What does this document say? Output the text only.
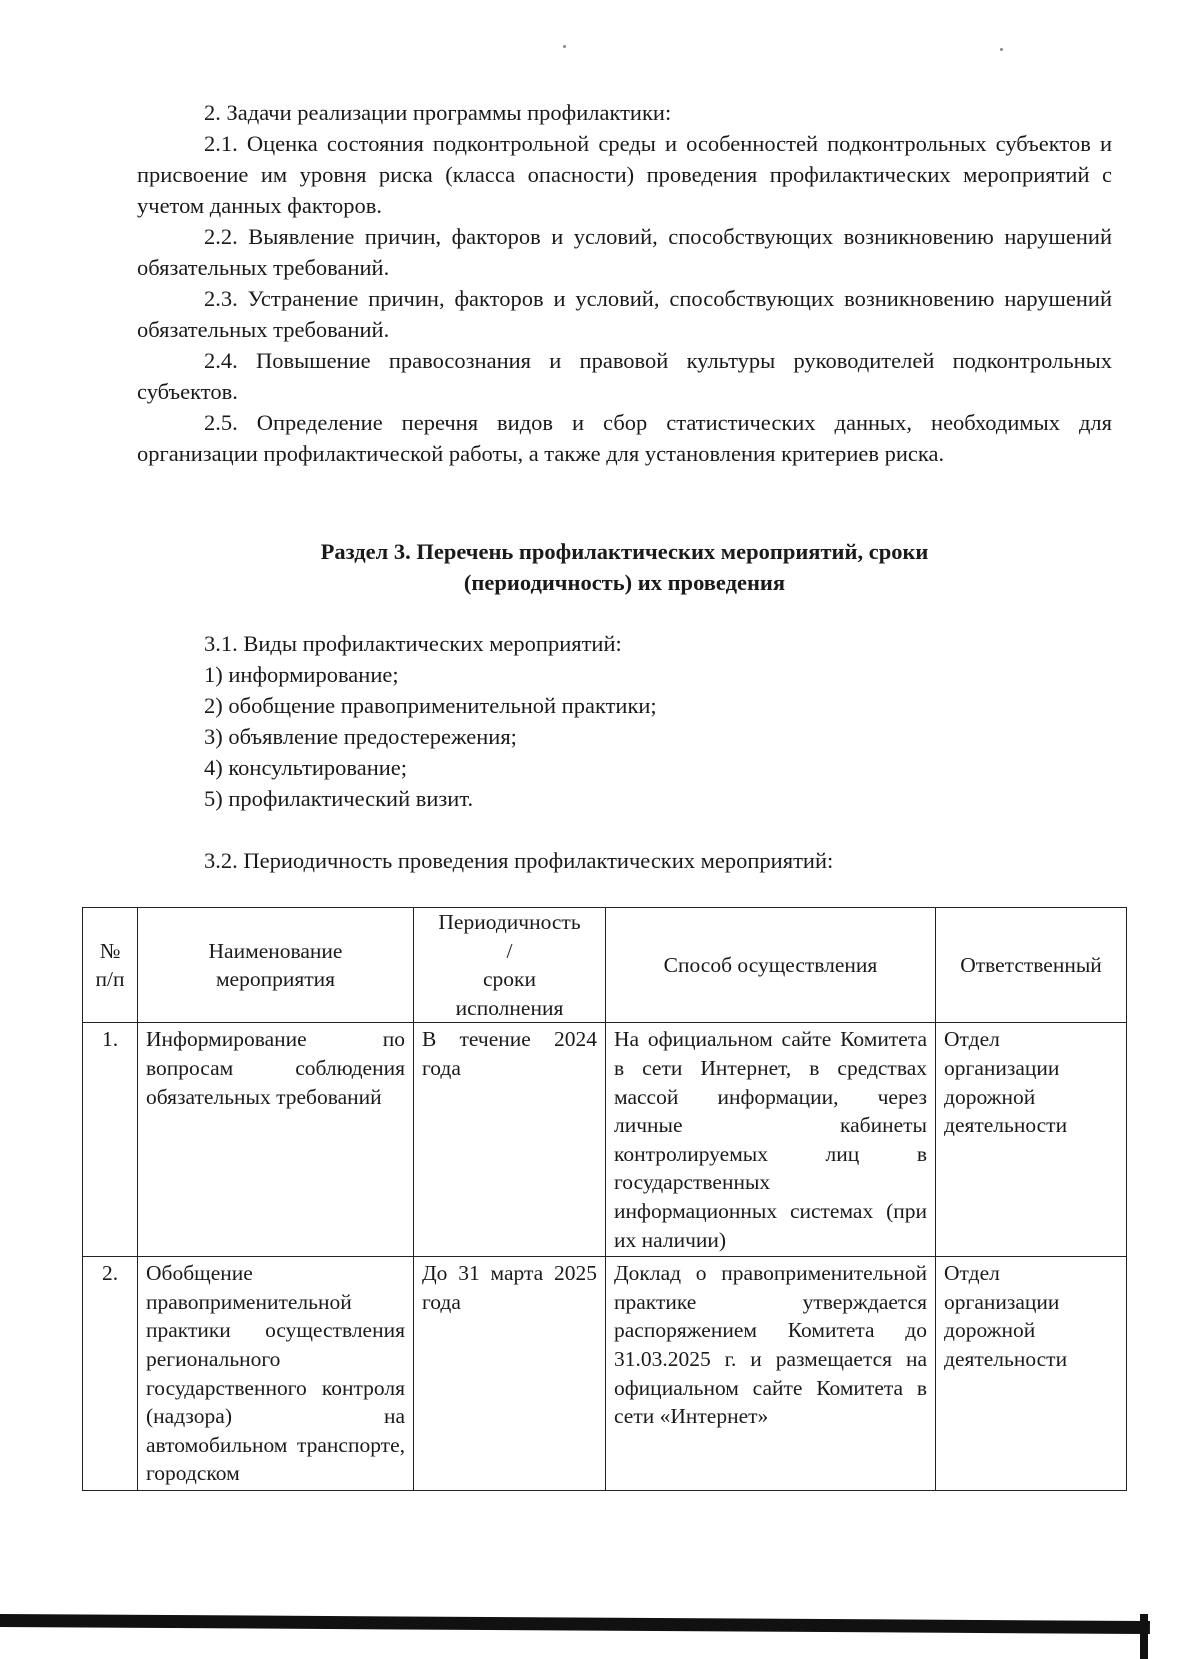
2. Задачи реализации программы профилактики:

2.1. Оценка состояния подконтрольной среды и особенностей подконтрольных субъектов и присвоение им уровня риска (класса опасности) проведения профилактических мероприятий с учетом данных факторов.

2.2. Выявление причин, факторов и условий, способствующих возникновению нарушений обязательных требований.

2.3. Устранение причин, факторов и условий, способствующих возникновению нарушений обязательных требований.

2.4. Повышение правосознания и правовой культуры руководителей подконтрольных субъектов.

2.5. Определение перечня видов и сбор статистических данных, необходимых для организации профилактической работы, а также для установления критериев риска.

Раздел 3. Перечень профилактических мероприятий, сроки

(периодичность) их проведения

3.1. Виды профилактических мероприятий:

1) информирование;

2) обобщение правоприменительной практики;

3) объявление предостережения;

4) консультирование;

5) профилактический визит.

3.2. Периодичность проведения профилактических мероприятий:

№
п/п	Наименование
мероприятия	Периодичность
/
сроки
исполнения	Способ осуществления	Ответственный
1.	Информирование по вопросам соблюдения обязательных требований	В течение 2024 года	На официальном сайте Комитета в сети Интернет, в средствах массой информации, через личные кабинеты контролируемых лиц в государственных информационных системах (при их наличии)	Отдел организации дорожной деятельности
2.	Обобщение правоприменительной практики осуществления регионального государственного контроля (надзора) на автомобильном транспорте, городском	До 31 марта 2025 года	Доклад о правоприменительной практике утверждается распоряжением Комитета до 31.03.2025 г. и размещается на официальном сайте Комитета в сети «Интернет»	Отдел организации дорожной деятельности
